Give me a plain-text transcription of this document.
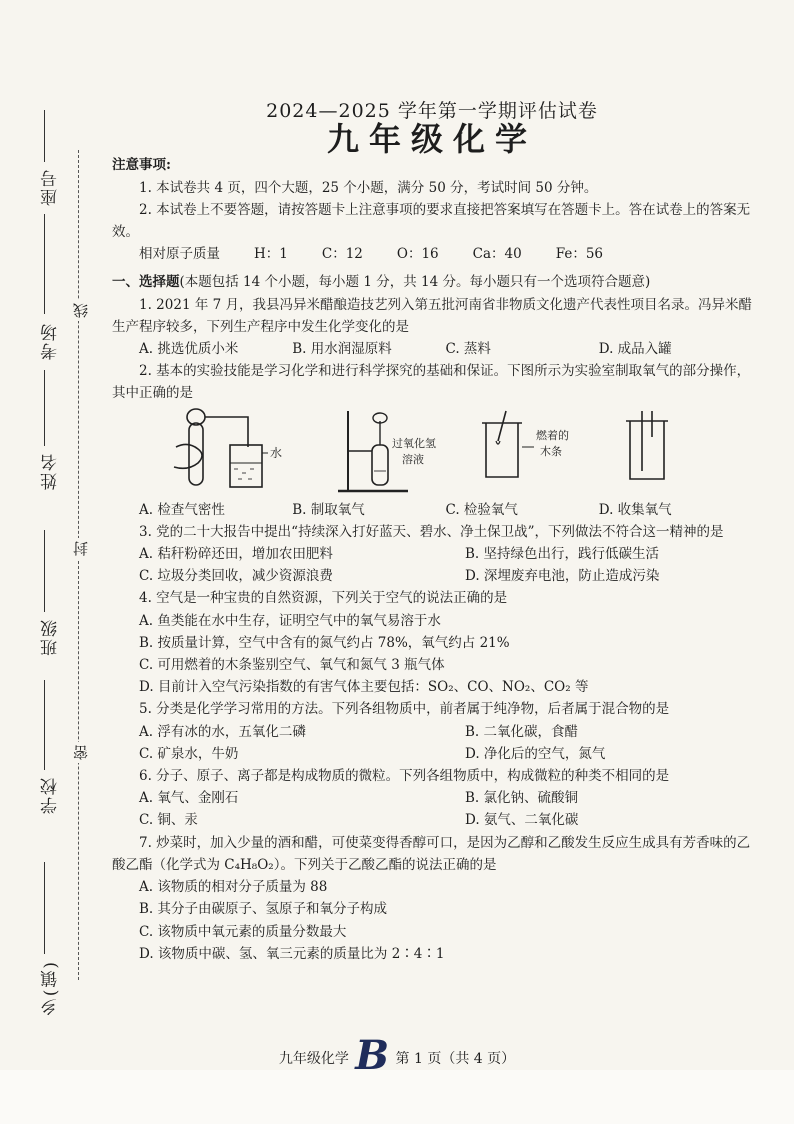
座号
考场
线
姓名
封
班级
学校
密
乡(镇)

2024—2025 学年第一学期评估试卷

九年级化学

注意事项:

1. 本试卷共 4 页，四个大题，25 个小题，满分 50 分，考试时间 50 分钟。

2. 本试卷上不要答题，请按答题卡上注意事项的要求直接把答案填写在答题卡上。答在试卷上的答案无效。

相对原子质量	H：1	C：12	O：16	Ca：40	Fe：56

一、选择题(本题包括 14 个小题，每小题 1 分，共 14 分。每小题只有一个选项符合题意)

1. 2021 年 7 月，我县冯异米醋酿造技艺列入第五批河南省非物质文化遗产代表性项目名录。冯异米醋生产程序较多，下列生产程序中发生化学变化的是

A. 挑选优质小米	B. 用水润湿原料	C. 蒸料	D. 成品入罐

2. 基本的实验技能是学习化学和进行科学探究的基础和保证。下图所示为实验室制取氧气的部分操作，其中正确的是

水
过氧化氢
溶液
燃着的
木条
A. 检查气密性	B. 制取氧气	C. 检验氧气	D. 收集氧气

3. 党的二十大报告中提出“持续深入打好蓝天、碧水、净土保卫战”，下列做法不符合这一精神的是

A. 秸秆粉碎还田，增加农田肥料	B. 坚持绿色出行，践行低碳生活
C. 垃圾分类回收，减少资源浪费	D. 深埋废弃电池，防止造成污染

4. 空气是一种宝贵的自然资源，下列关于空气的说法正确的是

A. 鱼类能在水中生存，证明空气中的氧气易溶于水

B. 按质量计算，空气中含有的氮气约占 78%，氧气约占 21%

C. 可用燃着的木条鉴别空气、氧气和氮气 3 瓶气体

D. 目前计入空气污染指数的有害气体主要包括：SO₂、CO、NO₂、CO₂ 等

5. 分类是化学学习常用的方法。下列各组物质中，前者属于纯净物，后者属于混合物的是

A. 浮有冰的水，五氧化二磷	B. 二氧化碳，食醋
C. 矿泉水，牛奶	D. 净化后的空气，氮气

6. 分子、原子、离子都是构成物质的微粒。下列各组物质中，构成微粒的种类不相同的是

A. 氧气、金刚石	B. 氯化钠、硫酸铜
C. 铜、汞	D. 氨气、二氧化碳

7. 炒菜时，加入少量的酒和醋，可使菜变得香醇可口，是因为乙醇和乙酸发生反应生成具有芳香味的乙酸乙酯（化学式为 C₄H₈O₂）。下列关于乙酸乙酯的说法正确的是

A. 该物质的相对分子质量为 88

B. 其分子由碳原子、氢原子和氧分子构成

C. 该物质中氧元素的质量分数最大

D. 该物质中碳、氢、氧三元素的质量比为 2∶4∶1

九年级化学 B 第 1 页（共 4 页）
